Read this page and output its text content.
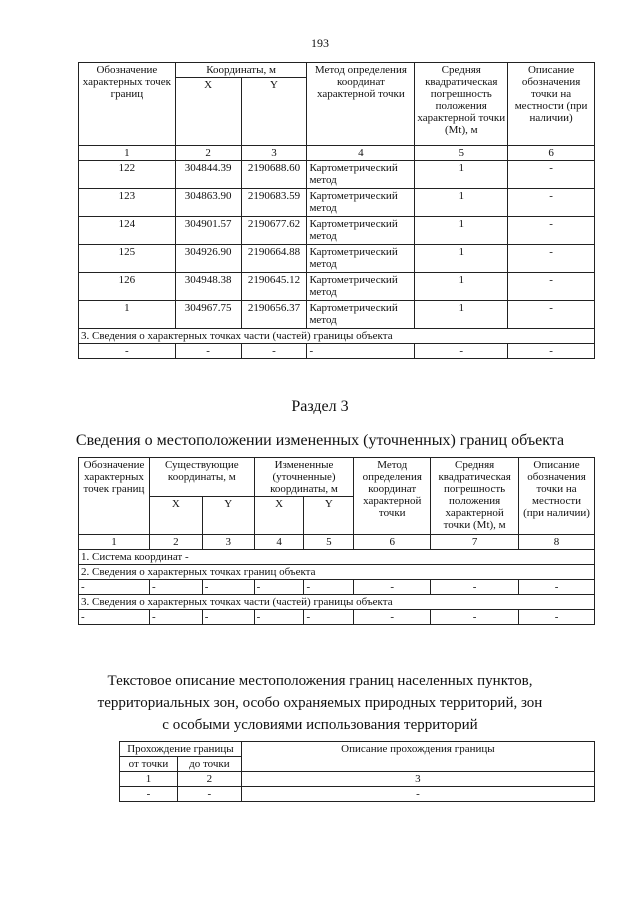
193
Обозначение характерных точек границ	Координаты, м		Метод определения координат характерной точки	Средняя квадратическая погрешность положения характерной точки (Mt), м	Описание обозначения точки на местности (при наличии)
	X	Y			
1	2	3	4	5	6
122	304844.39	2190688.60	Картометрический метод	1	-
123	304863.90	2190683.59	Картометрический метод	1	-
124	304901.57	2190677.62	Картометрический метод	1	-
125	304926.90	2190664.88	Картометрический метод	1	-
126	304948.38	2190645.12	Картометрический метод	1	-
1	304967.75	2190656.37	Картометрический метод	1	-
3. Сведения о характерных точках части (частей) границы объекта					
-	-	-	-	-	-
Раздел 3
Сведения о местоположении измененных (уточненных) границ объекта
Обозначение характерных точек границ	Существующие координаты, м		Измененные (уточненные) координаты, м		Метод определения координат характерной точки	Средняя квадратическая погрешность положения характерной точки (Mt), м	Описание обозначения точки на местности (при наличии)
	X	Y	X	Y			
1	2	3	4	5	6	7	8
1. Система координат -							
2. Сведения о характерных точках границ объекта							
-	-	-	-	-	-	-	-
3. Сведения о характерных точках части (частей) границы объекта							
-	-	-	-	-	-	-	-
Текстовое описание местоположения границ населенных пунктов,
территориальных зон, особо охраняемых природных территорий, зон
с особыми условиями использования территорий
Прохождение границы		Описание прохождения границы
от точки	до точки	
1	2	3
-	-	-
